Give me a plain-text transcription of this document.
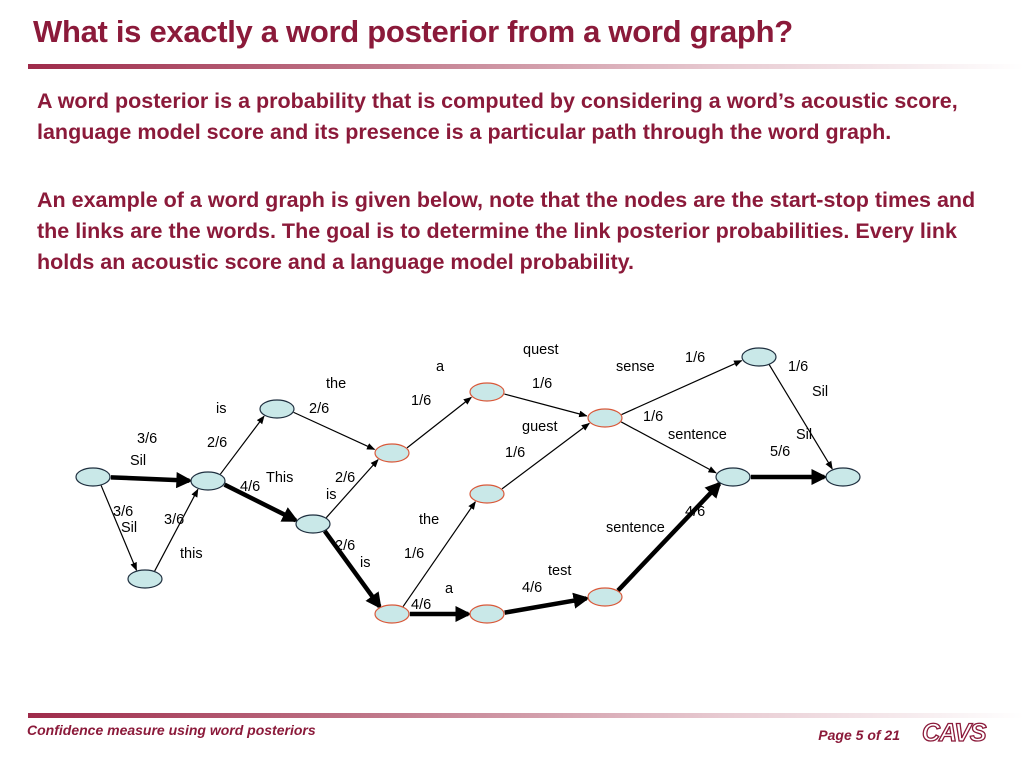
What is exactly a word posterior from a word graph?

A word posterior is a probability that is computed by considering a word’s acoustic score, language model score and its presence is a particular path through the word graph.

An example of a word graph is given below, note that the nodes are the start-stop times and the links are the words. The goal is to determine the link posterior probabilities. Every link holds an acoustic score and a language model probability.

quest
a	sense
1/6
1/6
the	1/6	Sil
is	2/6	1/6
1/6
guest
3/6	2/6	sentence	Sil
Sil	1/6	5/6
This	2/6
4/6	is
3/6	4/6
Sil 3/6	the	sentence
2/6
this
is
1/6
test
a	4/6
4/6
Confidence measure using word posteriors	Page 5 of 21 CAVS
